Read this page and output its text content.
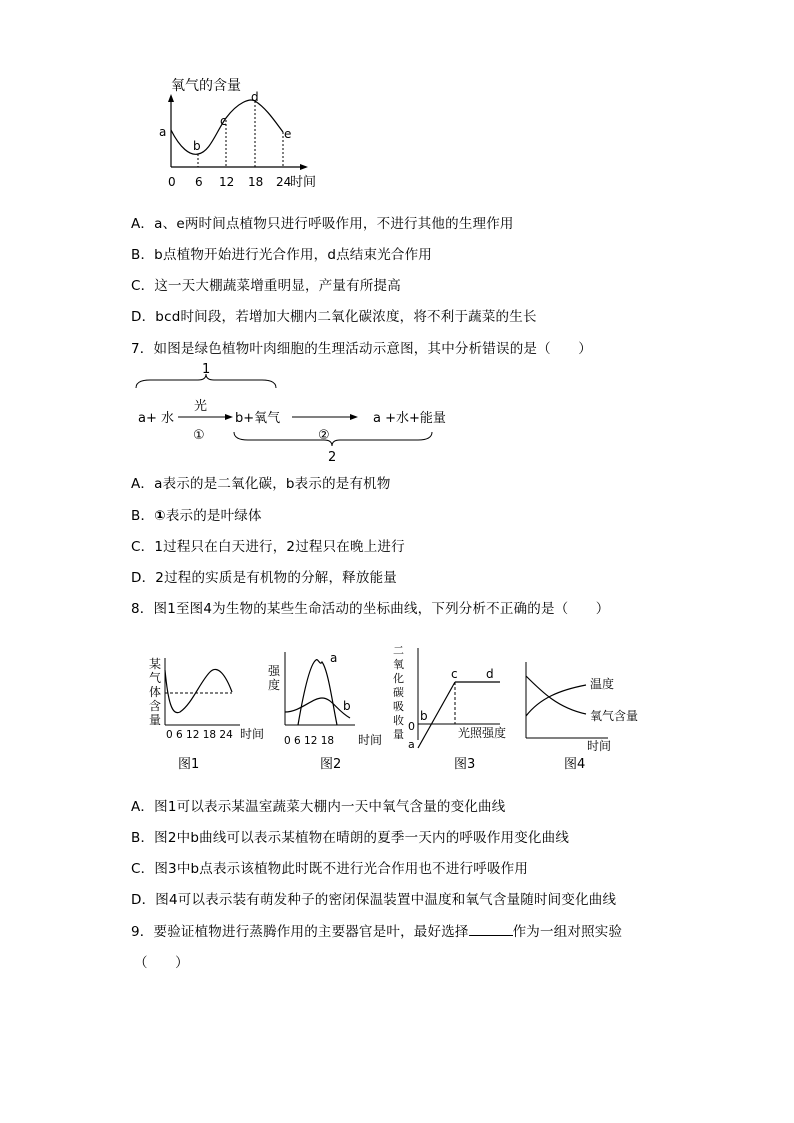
氧气的含量
a
b
c
d
e
0 6 12 18 24
时间
A．a、e两时间点植物只进行呼吸作用，不进行其他的生理作用
B．b点植物开始进行光合作用，d点结束光合作用
C．这一天大棚蔬菜增重明显，产量有所提高
D．bcd时间段，若增加大棚内二氧化碳浓度，将不利于蔬菜的生长
7．如图是绿色植物叶肉细胞的生理活动示意图，其中分析错误的是（　　）
1
a+ 水
光
①
b+氧气
②
a +水+能量
2
A．a表示的是二氧化碳，b表示的是有机物
B．①表示的是叶绿体
C．1过程只在白天进行，2过程只在晚上进行
D．2过程的实质是有机物的分解，释放能量
8．图1至图4为生物的某些生命活动的坐标曲线，下列分析不正确的是（　　）
某
气
体
含
量
0 6 12 18 24 时间
图1
强
度
a
b
0 6 12 18 时间
图2
二
氧
化
碳
吸
收
量
c d
b
0
a
光照强度
图3
温度
氧气含量
时间
图4
A．图1可以表示某温室蔬菜大棚内一天中氧气含量的变化曲线
B．图2中b曲线可以表示某植物在晴朗的夏季一天内的呼吸作用变化曲线
C．图3中b点表示该植物此时既不进行光合作用也不进行呼吸作用
D．图4可以表示装有萌发种子的密闭保温装置中温度和氧气含量随时间变化曲线
9．要验证植物进行蒸腾作用的主要器官是叶，最好选择	作为一组对照实验
（　　）
